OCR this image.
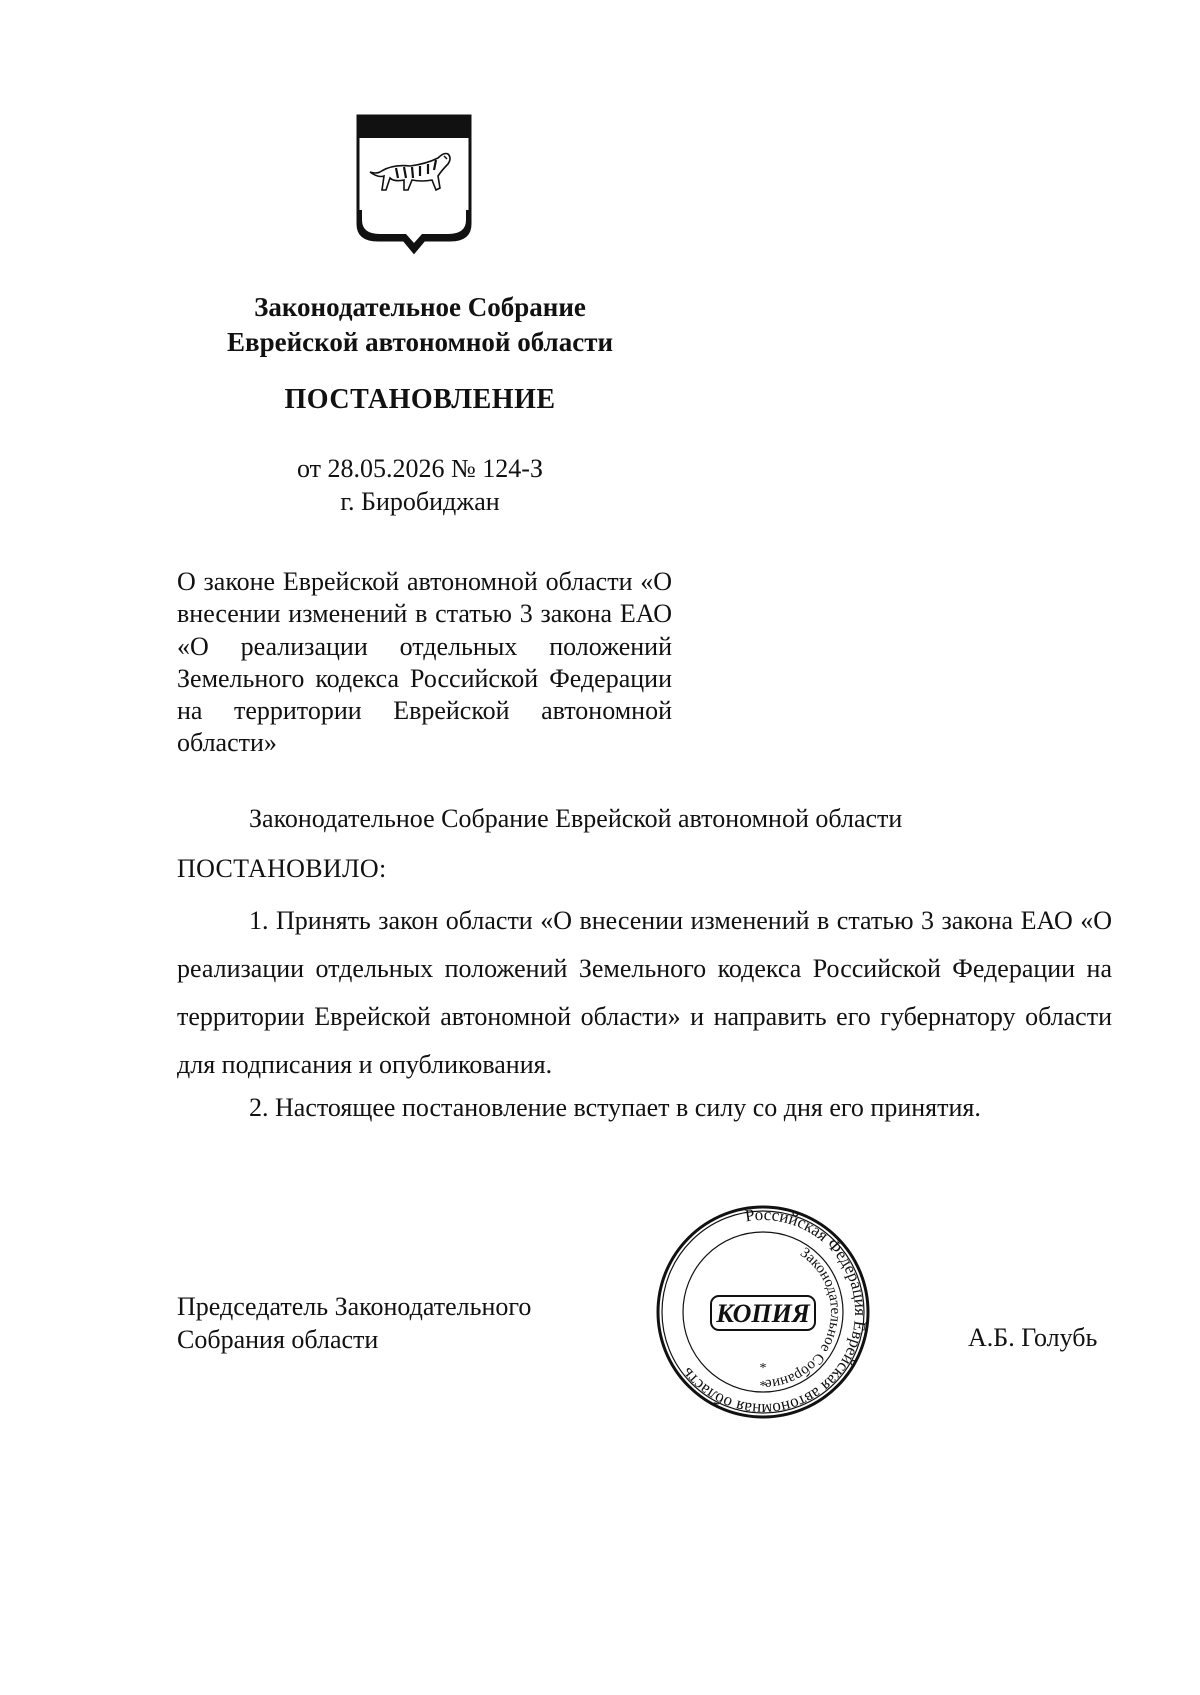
Законодательное Собрание
Еврейской автономной области
ПОСТАНОВЛЕНИЕ
от 28.05.2026 № 124-З
г. Биробиджан
О законе Еврейской автономной области «О внесении изменений в статью 3 закона ЕАО «О реализации отдельных положений Земельного кодекса Российской Федерации на территории Еврейской автономной области»
Законодательное Собрание Еврейской автономной области
ПОСТАНОВИЛО:
1. Принять закон области «О внесении изменений в статью 3 закона ЕАО «О реализации отдельных положений Земельного кодекса Российской Федерации на территории Еврейской автономной области» и направить его губернатору области для подписания и опубликования.
2. Настоящее постановление вступает в силу со дня его принятия.
Председатель Законодательного
Собрания области	А.Б. Голубь
Российская Федерация Еврейская автономная область
Законодательное Собрание
КОПИЯ
*
*
